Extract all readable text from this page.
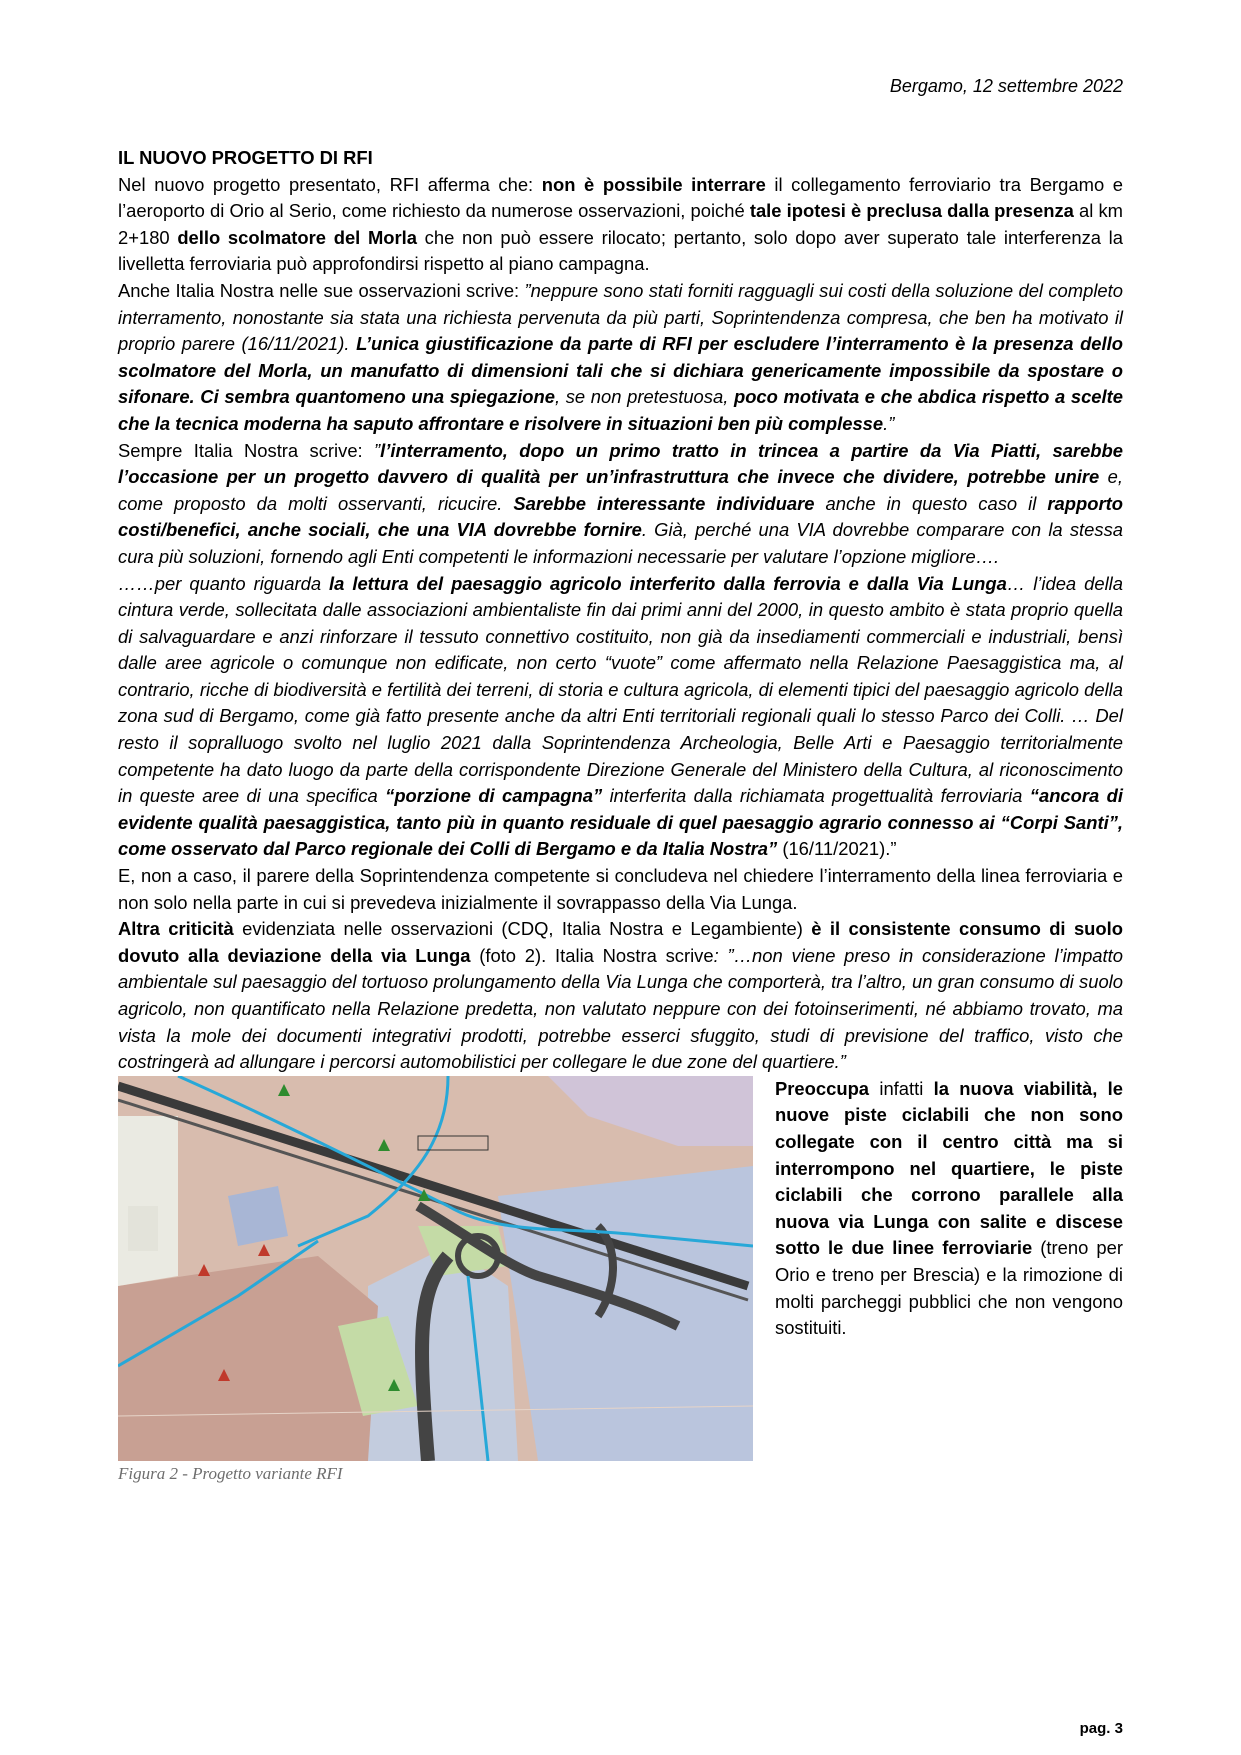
Bergamo, 12 settembre 2022

IL NUOVO PROGETTO DI RFI

Nel nuovo progetto presentato, RFI afferma che: non è possibile interrare il collegamento ferroviario tra Bergamo e l’aeroporto di Orio al Serio, come richiesto da numerose osservazioni, poiché tale ipotesi è preclusa dalla presenza al km 2+180 dello scolmatore del Morla che non può essere rilocato; pertanto, solo dopo aver superato tale interferenza la livelletta ferroviaria può approfondirsi rispetto al piano campagna.

Anche Italia Nostra nelle sue osservazioni scrive: ”neppure sono stati forniti ragguagli sui costi della soluzione del completo interramento, nonostante sia stata una richiesta pervenuta da più parti, Soprintendenza compresa, che ben ha motivato il proprio parere (16/11/2021). L’unica giustificazione da parte di RFI per escludere l’interramento è la presenza dello scolmatore del Morla, un manufatto di dimensioni tali che si dichiara genericamente impossibile da spostare o sifonare. Ci sembra quantomeno una spiegazione, se non pretestuosa, poco motivata e che abdica rispetto a scelte che la tecnica moderna ha saputo affrontare e risolvere in situazioni ben più complesse.”

Sempre Italia Nostra scrive: ”l’interramento, dopo un primo tratto in trincea a partire da Via Piatti, sarebbe l’occasione per un progetto davvero di qualità per un’infrastruttura che invece che dividere, potrebbe unire e, come proposto da molti osservanti, ricucire. Sarebbe interessante individuare anche in questo caso il rapporto costi/benefici, anche sociali, che una VIA dovrebbe fornire. Già, perché una VIA dovrebbe comparare con la stessa cura più soluzioni, fornendo agli Enti competenti le informazioni necessarie per valutare l’opzione migliore….

……per quanto riguarda la lettura del paesaggio agricolo interferito dalla ferrovia e dalla Via Lunga… l’idea della cintura verde, sollecitata dalle associazioni ambientaliste fin dai primi anni del 2000, in questo ambito è stata proprio quella di salvaguardare e anzi rinforzare il tessuto connettivo costituito, non già da insediamenti commerciali e industriali, bensì dalle aree agricole o comunque non edificate, non certo “vuote” come affermato nella Relazione Paesaggistica ma, al contrario, ricche di biodiversità e fertilità dei terreni, di storia e cultura agricola, di elementi tipici del paesaggio agricolo della zona sud di Bergamo, come già fatto presente anche da altri Enti territoriali regionali quali lo stesso Parco dei Colli. … Del resto il sopralluogo svolto nel luglio 2021 dalla Soprintendenza Archeologia, Belle Arti e Paesaggio territorialmente competente ha dato luogo da parte della corrispondente Direzione Generale del Ministero della Cultura, al riconoscimento in queste aree di una specifica “porzione di campagna” interferita dalla richiamata progettualità ferroviaria “ancora di evidente qualità paesaggistica, tanto più in quanto residuale di quel paesaggio agrario connesso ai “Corpi Santi”, come osservato dal Parco regionale dei Colli di Bergamo e da Italia Nostra” (16/11/2021).”

E, non a caso, il parere della Soprintendenza competente si concludeva nel chiedere l’interramento della linea ferroviaria e non solo nella parte in cui si prevedeva inizialmente il sovrappasso della Via Lunga.

Altra criticità evidenziata nelle osservazioni (CDQ, Italia Nostra e Legambiente) è il consistente consumo di suolo dovuto alla deviazione della via Lunga (foto 2). Italia Nostra scrive: ”…non viene preso in considerazione l’impatto ambientale sul paesaggio del tortuoso prolungamento della Via Lunga che comporterà, tra l’altro, un gran consumo di suolo agricolo, non quantificato nella Relazione predetta, non valutato neppure con dei fotoinserimenti, né abbiamo trovato, ma vista la mole dei documenti integrativi prodotti, potrebbe esserci sfuggito, studi di previsione del traffico, visto che costringerà ad allungare i percorsi automobilistici per collegare le due zone del quartiere.”

Figura 2 - Progetto variante RFI
Preoccupa infatti la nuova viabilità, le nuove piste ciclabili che non sono collegate con il centro città ma si interrompono nel quartiere, le piste ciclabili che corrono parallele alla nuova via Lunga con salite e discese sotto le due linee ferroviarie (treno per Orio e treno per Brescia) e la rimozione di molti parcheggi pubblici che non vengono sostituiti.
pag. 3
